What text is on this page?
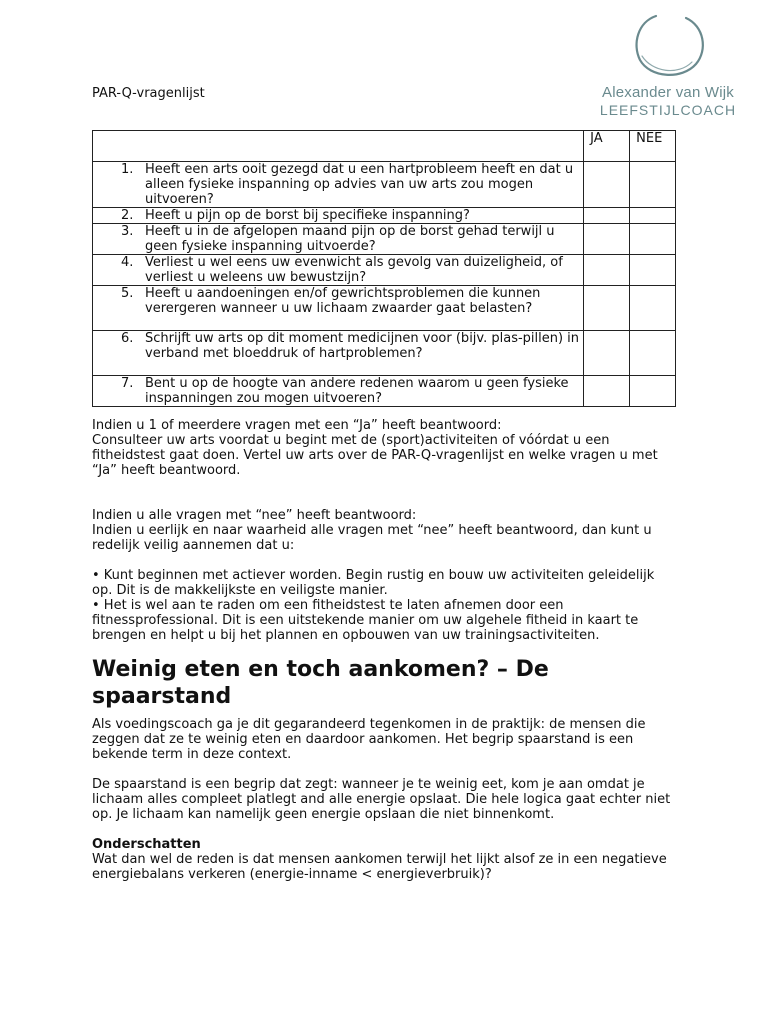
Alexander van Wijk
LEEFSTIJLCOACH
PAR-Q-vragenlijst
	JA	NEE

1. Heeft een arts ooit gezegd dat u een hartprobleem heeft en dat u alleen fysieke inspanning op advies van uw arts zou mogen uitvoeren?		

2. Heeft u pijn op de borst bij specifieke inspanning?		

3. Heeft u in de afgelopen maand pijn op de borst gehad terwijl u geen fysieke inspanning uitvoerde?		

4. Verliest u wel eens uw evenwicht als gevolg van duizeligheid, of verliest u weleens uw bewustzijn?		

5. Heeft u aandoeningen en/of gewrichtsproblemen die kunnen verergeren wanneer u uw lichaam zwaarder gaat belasten?		

6. Schrijft uw arts op dit moment medicijnen voor (bijv. plas-pillen) in verband met bloeddruk of hartproblemen?		

7. Bent u op de hoogte van andere redenen waarom u geen fysieke inspanningen zou mogen uitvoeren?		

Indien u 1 of meerdere vragen met een “Ja” heeft beantwoord:

Consulteer uw arts voordat u begint met de (sport)activiteiten of vóórdat u een fitheidstest gaat doen. Vertel uw arts over de PAR-Q-vragenlijst en welke vragen u met

“Ja” heeft beantwoord.

Indien u alle vragen met “nee” heeft beantwoord:

Indien u eerlijk en naar waarheid alle vragen met “nee” heeft beantwoord, dan kunt u redelijk veilig aannemen dat u:

• Kunt beginnen met actiever worden. Begin rustig en bouw uw activiteiten geleidelijk op. Dit is de makkelijkste en veiligste manier.

• Het is wel aan te raden om een fitheidstest te laten afnemen door een fitnessprofessional. Dit is een uitstekende manier om uw algehele fitheid in kaart te brengen en helpt u bij het plannen en opbouwen van uw trainingsactiviteiten.

Weinig eten en toch aankomen? – De spaarstand

Als voedingscoach ga je dit gegarandeerd tegenkomen in de praktijk: de mensen die zeggen dat ze te weinig eten en daardoor aankomen. Het begrip spaarstand is een bekende term in deze context.

De spaarstand is een begrip dat zegt: wanneer je te weinig eet, kom je aan omdat je lichaam alles compleet platlegt and alle energie opslaat. Die hele logica gaat echter niet op. Je lichaam kan namelijk geen energie opslaan die niet binnenkomt.

Onderschatten

Wat dan wel de reden is dat mensen aankomen terwijl het lijkt alsof ze in een negatieve energiebalans verkeren (energie-inname < energieverbruik)?
